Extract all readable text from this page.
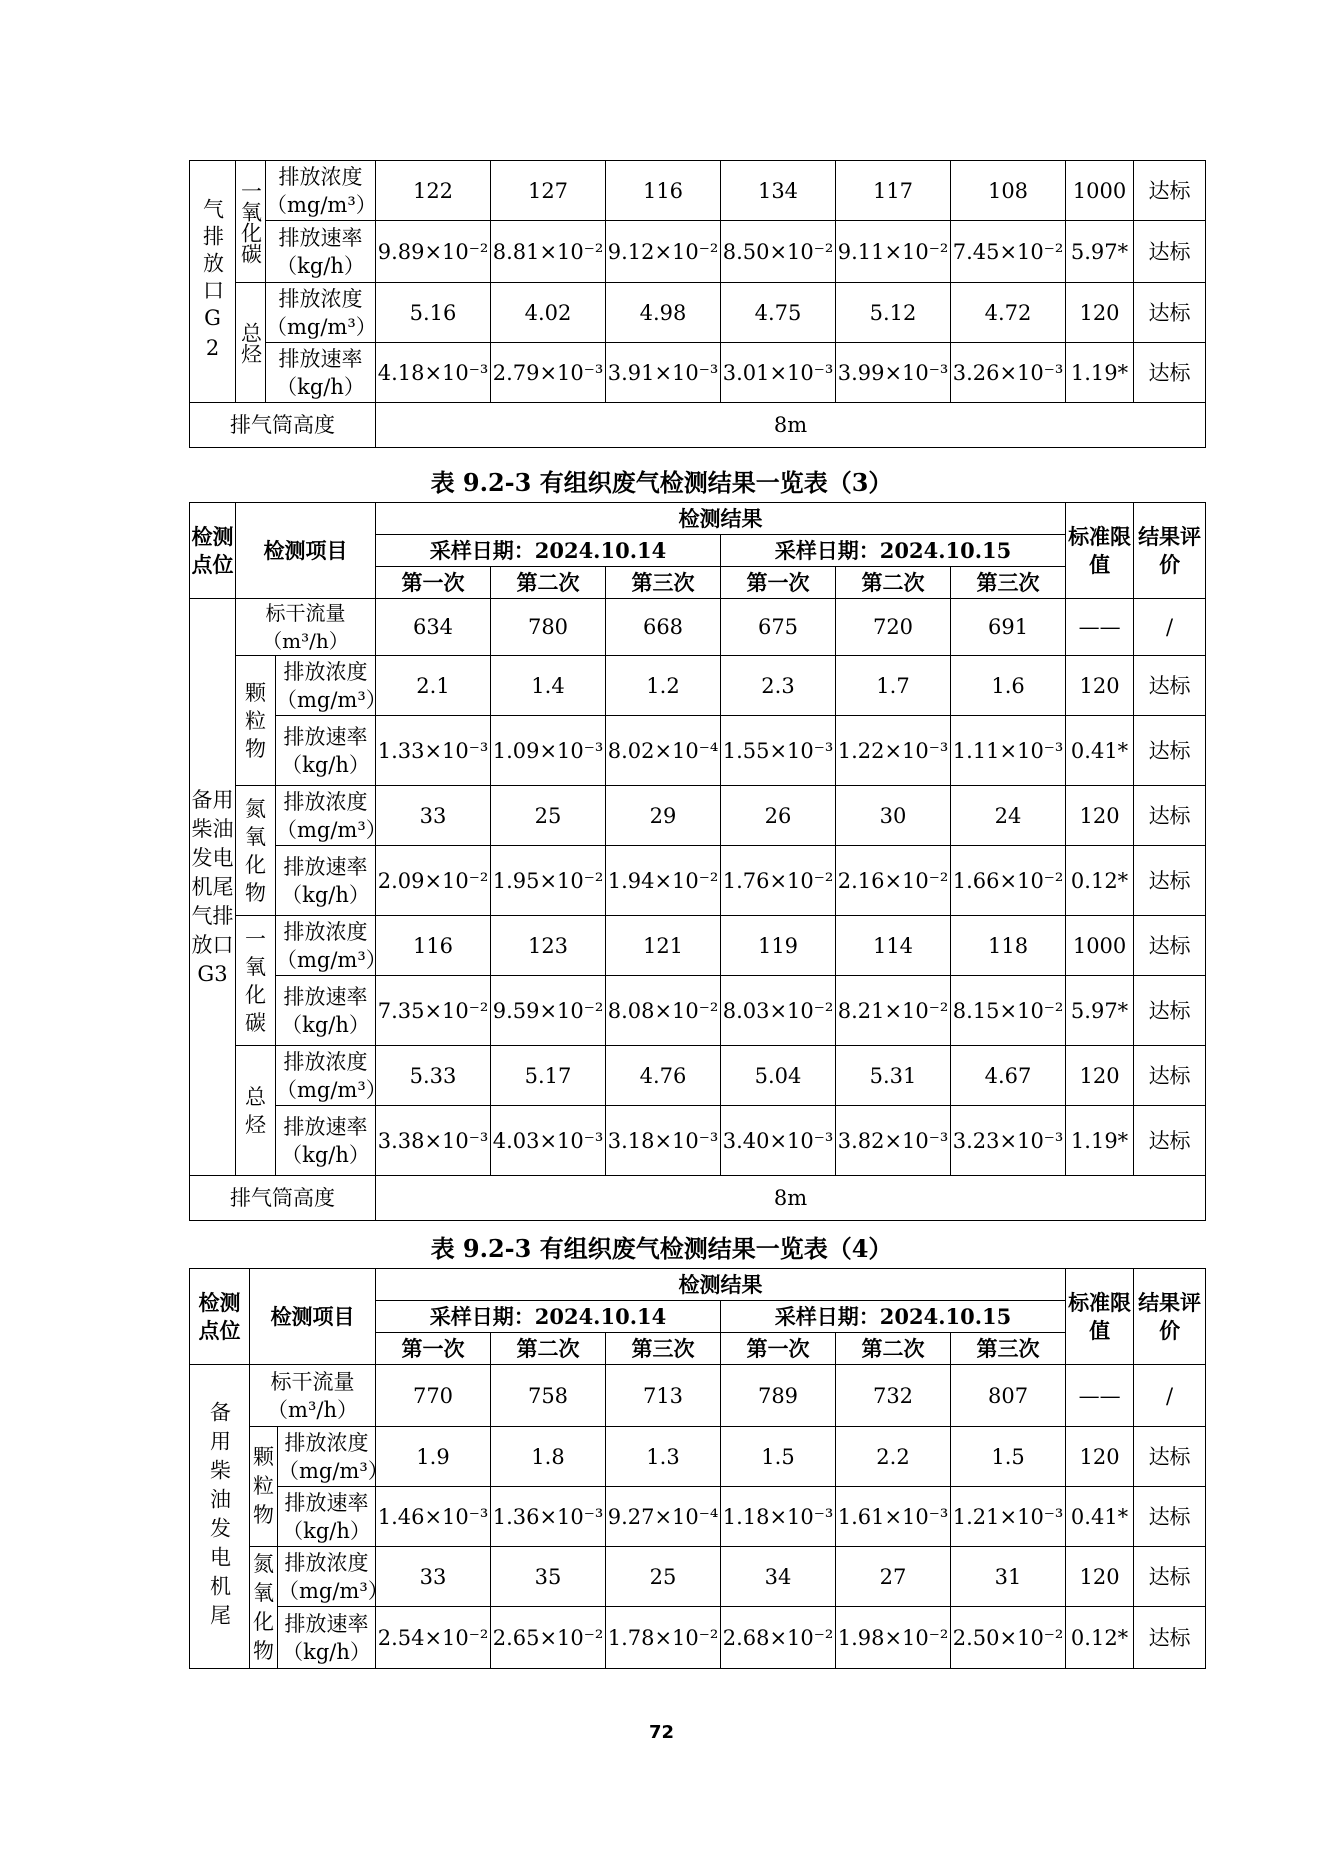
气排放口G2	一氧化碳	排放浓度
（mg/m³）	122	127	116	134	117	108	1000	达标

		排放速率
（kg/h）	9.89×10⁻²	8.81×10⁻²	9.12×10⁻²	8.50×10⁻²	9.11×10⁻²	7.45×10⁻²	5.97*	达标
	总烃	排放浓度
（mg/m³）	5.16	4.02	4.98	4.75	5.12	4.72	120	达标

		排放速率
（kg/h）	4.18×10⁻³	2.79×10⁻³	3.91×10⁻³	3.01×10⁻³	3.99×10⁻³	3.26×10⁻³	1.19*	达标
排气筒高度			8m							
表 9.2-3 有组织废气检测结果一览表（3）
检测点位	检测项目		检测结果						标准限值	结果评价
			采样日期：2024.10.14			采样日期：2024.10.15				
			第一次	第二次	第三次	第一次	第二次	第三次		
备用柴油发电机尾气排放口G3	标干流量（m³/h）		634	780	668	675	720	691	——	/
	颗粒物	排放浓度
（mg/m³）	2.1	1.4	1.2	2.3	1.7	1.6	120	达标

		排放速率
（kg/h）	1.33×10⁻³	1.09×10⁻³	8.02×10⁻⁴	1.55×10⁻³	1.22×10⁻³	1.11×10⁻³	0.41*	达标
	氮氧化物	排放浓度
（mg/m³）	33	25	29	26	30	24	120	达标

		排放速率
（kg/h）	2.09×10⁻²	1.95×10⁻²	1.94×10⁻²	1.76×10⁻²	2.16×10⁻²	1.66×10⁻²	0.12*	达标
	一氧化碳	排放浓度
（mg/m³）	116	123	121	119	114	118	1000	达标

		排放速率
（kg/h）	7.35×10⁻²	9.59×10⁻²	8.08×10⁻²	8.03×10⁻²	8.21×10⁻²	8.15×10⁻²	5.97*	达标
	总烃	排放浓度
（mg/m³）	5.33	5.17	4.76	5.04	5.31	4.67	120	达标

		排放速率
（kg/h）	3.38×10⁻³	4.03×10⁻³	3.18×10⁻³	3.40×10⁻³	3.82×10⁻³	3.23×10⁻³	1.19*	达标
排气筒高度			8m							
表 9.2-3 有组织废气检测结果一览表（4）
检测点位	检测项目		检测结果						标准限值	结果评价
			采样日期：2024.10.14			采样日期：2024.10.15				
			第一次	第二次	第三次	第一次	第二次	第三次		
备用柴油发电机尾	标干流量
（m³/h）		770	758	713	789	732	807	——	/
	颗粒物	排放浓度
（mg/m³）	1.9	1.8	1.3	1.5	2.2	1.5	120	达标

		排放速率
（kg/h）	1.46×10⁻³	1.36×10⁻³	9.27×10⁻⁴	1.18×10⁻³	1.61×10⁻³	1.21×10⁻³	0.41*	达标
	氮氧化物	排放浓度
（mg/m³）	33	35	25	34	27	31	120	达标

		排放速率
（kg/h）	2.54×10⁻²	2.65×10⁻²	1.78×10⁻²	2.68×10⁻²	1.98×10⁻²	2.50×10⁻²	0.12*	达标
72
